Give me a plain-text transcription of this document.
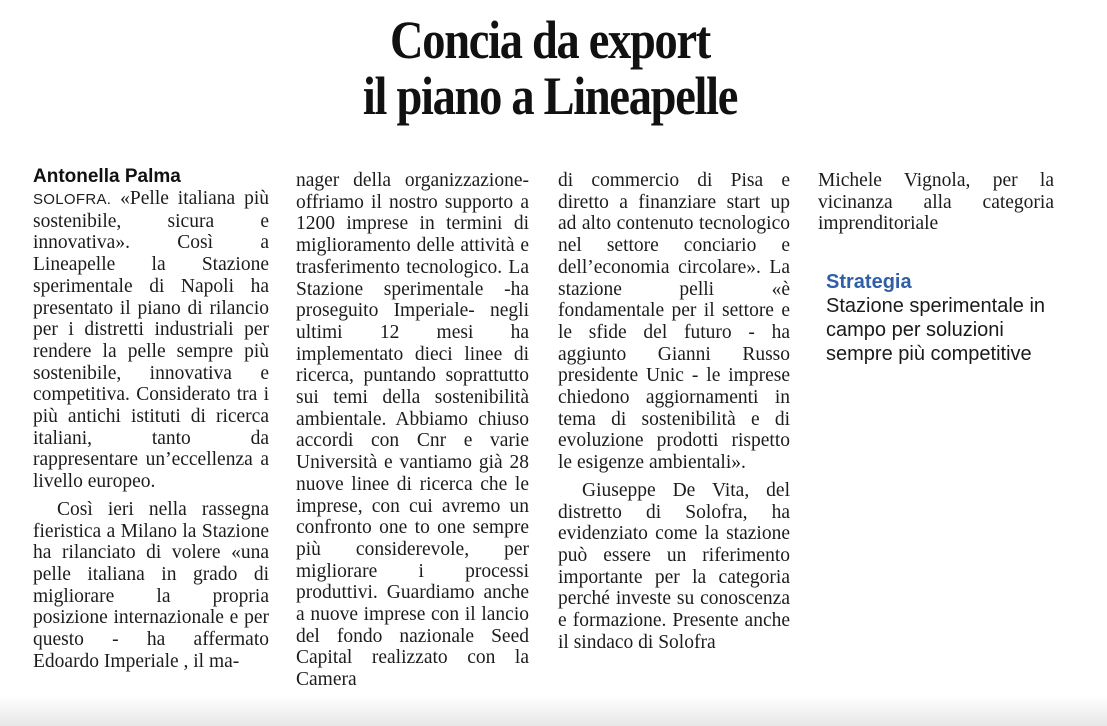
Concia da export
il piano a Lineapelle

Antonella Palma

SOLOFRA. «Pelle italiana più sostenibile, sicura e innovativa». Così a Lineapelle la Stazione sperimentale di Napoli ha presentato il piano di rilancio per i distretti industriali per rendere la pelle sempre più sostenibile, innovativa e competitiva. Considerato tra i più antichi istituti di ricerca italiani, tanto da rappresentare un’eccellenza a livello europeo.

Così ieri nella rassegna fieristica a Milano la Stazione ha rilanciato di volere «una pelle italiana in grado di migliorare la propria posizione internazionale e per questo - ha affermato Edoardo Imperiale , il ma-

nager della organizzazione- offriamo il nostro supporto a 1200 imprese in termini di miglioramento delle attività e trasferimento tecnologico. La Stazione sperimentale -ha proseguito Imperiale- negli ultimi 12 mesi ha implementato dieci linee di ricerca, puntando soprattutto sui temi della sostenibilità ambientale. Abbiamo chiuso accordi con Cnr e varie Università e vantiamo già 28 nuove linee di ricerca che le imprese, con cui avremo un confronto one to one sempre più considerevole, per migliorare i processi produttivi. Guardiamo anche a nuove imprese con il lancio del fondo nazionale Seed Capital realizzato con la Camera

di commercio di Pisa e diretto a finanziare start up ad alto contenuto tecnologico nel settore conciario e dell’economia circolare». La stazione pelli «è fondamentale per il settore e le sfide del futuro - ha aggiunto Gianni Russo presidente Unic - le imprese chiedono aggiornamenti in tema di sostenibilità e di evoluzione prodotti rispetto le esigenze ambientali».

Giuseppe De Vita, del distretto di Solofra, ha evidenziato come la stazione può essere un riferimento importante per la categoria perché investe su conoscenza e formazione. Presente anche il sindaco di Solofra

Michele Vignola, per la vicinanza alla categoria imprenditoriale

Strategia
Stazione sperimentale in campo per soluzioni sempre più competitive
